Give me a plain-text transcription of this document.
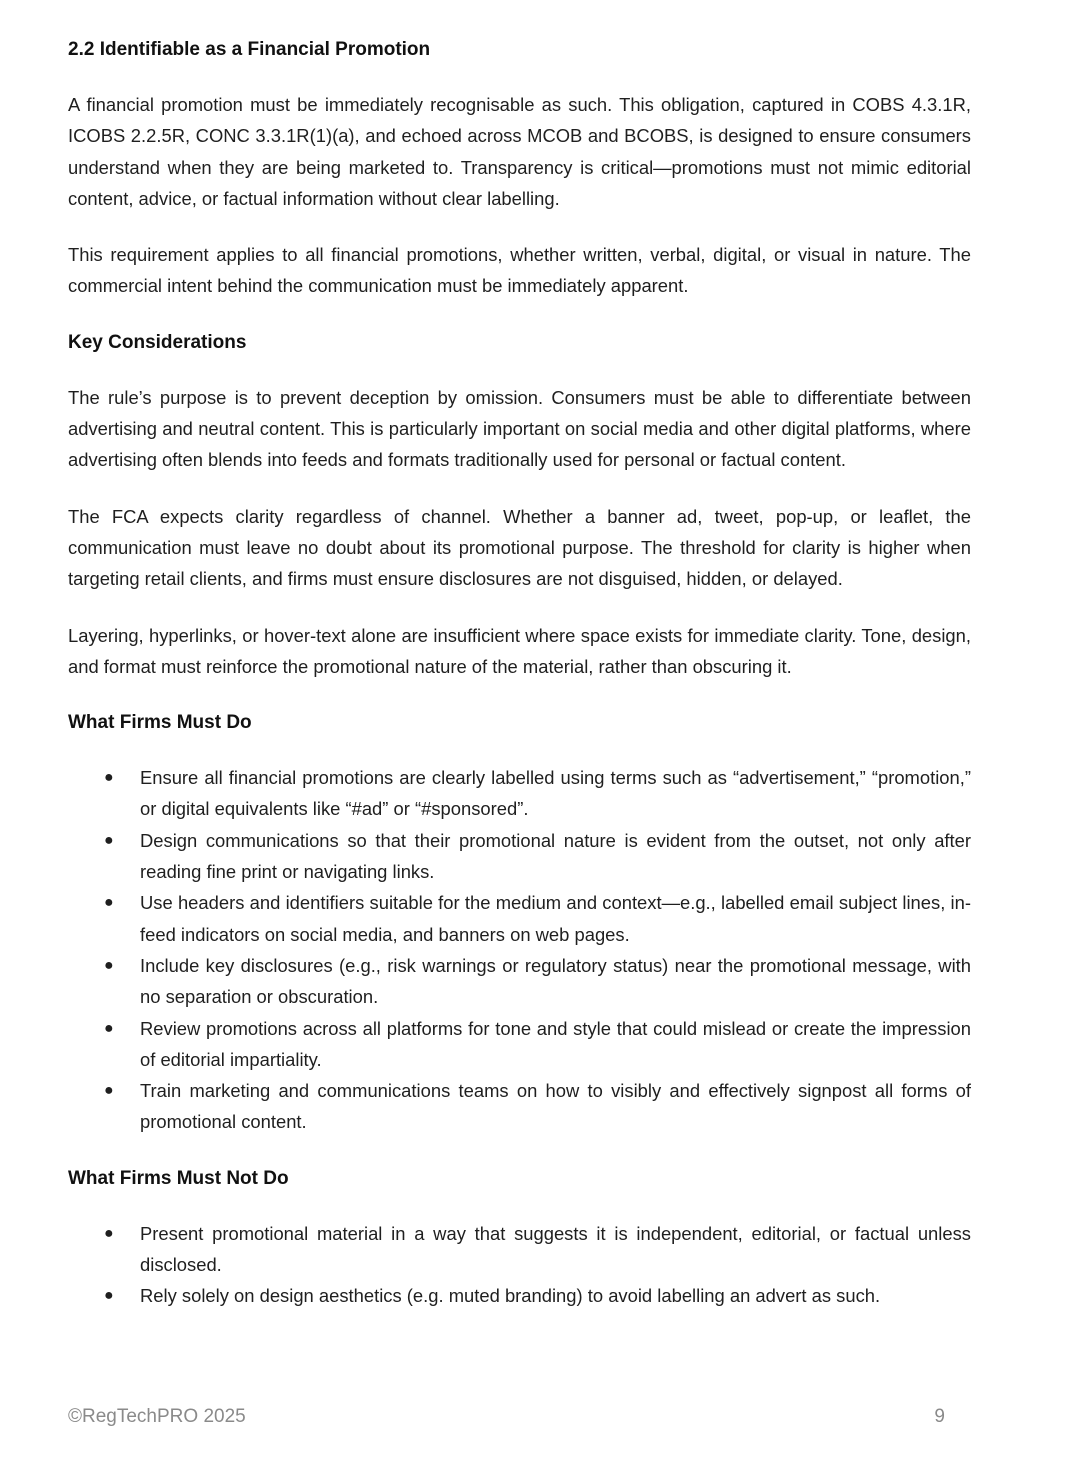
2.2 Identifiable as a Financial Promotion

A financial promotion must be immediately recognisable as such. This obligation, captured in COBS 4.3.1R, ICOBS 2.2.5R, CONC 3.3.1R(1)(a), and echoed across MCOB and BCOBS, is designed to ensure consumers understand when they are being marketed to. Transparency is critical—promotions must not mimic editorial content, advice, or factual information without clear labelling.

This requirement applies to all financial promotions, whether written, verbal, digital, or visual in nature. The commercial intent behind the communication must be immediately apparent.

Key Considerations

The rule’s purpose is to prevent deception by omission. Consumers must be able to differentiate between advertising and neutral content. This is particularly important on social media and other digital platforms, where advertising often blends into feeds and formats traditionally used for personal or factual content.

The FCA expects clarity regardless of channel. Whether a banner ad, tweet, pop-up, or leaflet, the communication must leave no doubt about its promotional purpose. The threshold for clarity is higher when targeting retail clients, and firms must ensure disclosures are not disguised, hidden, or delayed.

Layering, hyperlinks, or hover-text alone are insufficient where space exists for immediate clarity. Tone, design, and format must reinforce the promotional nature of the material, rather than obscuring it.

What Firms Must Do
● Ensure all financial promotions are clearly labelled using terms such as “advertisement,” “promotion,” or digital equivalents like “#ad” or “#sponsored”.
● Design communications so that their promotional nature is evident from the outset, not only after reading fine print or navigating links.
● Use headers and identifiers suitable for the medium and context—e.g., labelled email subject lines, in-feed indicators on social media, and banners on web pages.
● Include key disclosures (e.g., risk warnings or regulatory status) near the promotional message, with no separation or obscuration.
● Review promotions across all platforms for tone and style that could mislead or create the impression of editorial impartiality.
● Train marketing and communications teams on how to visibly and effectively signpost all forms of promotional content.
What Firms Must Not Do
● Present promotional material in a way that suggests it is independent, editorial, or factual unless disclosed.
● Rely solely on design aesthetics (e.g. muted branding) to avoid labelling an advert as such.
©RegTechPRO 2025	9
